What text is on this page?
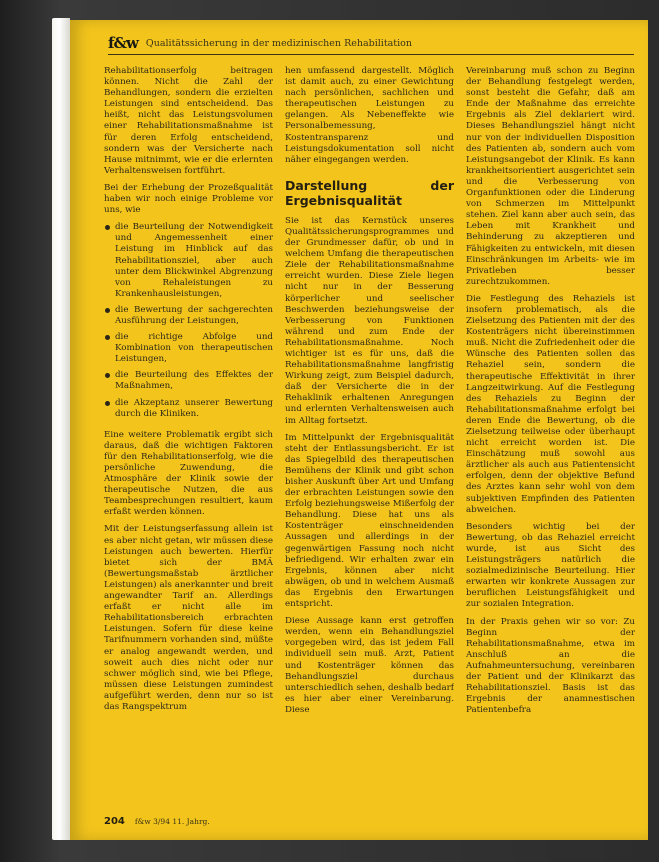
f&w Qualitätssicherung in der medizinischen Rehabilitation

Rehabilitationserfolg beitragen können. Nicht die Zahl der Behandlungen, sondern die erzielten Leistungen sind entscheidend. Das heißt, nicht das Leistungsvolumen einer Rehabilitationsmaßnahme ist für deren Erfolg entscheidend, sondern was der Versicherte nach Hause mitnimmt, wie er die erlernten Verhaltensweisen fortführt.

Bei der Erhebung der Prozeßqualität haben wir noch einige Probleme vor uns, wie

die Beurteilung der Notwendigkeit und Angemessenheit einer Leistung im Hinblick auf das Rehabilitationsziel, aber auch unter dem Blickwinkel Abgrenzung von Rehaleistungen zu Krankenhausleistungen,
die Bewertung der sachgerechten Ausführung der Leistungen,
die richtige Abfolge und Kombination von therapeutischen Leistungen,
die Beurteilung des Effektes der Maßnahmen,
die Akzeptanz unserer Bewertung durch die Kliniken.

Eine weitere Problematik ergibt sich daraus, daß die wichtigen Faktoren für den Rehabilitationserfolg, wie die persönliche Zuwendung, die Atmosphäre der Klinik sowie der therapeutische Nutzen, die aus Teambesprechungen resultiert, kaum erfaßt werden können.

Mit der Leistungserfassung allein ist es aber nicht getan, wir müssen diese Leistungen auch bewerten. Hierfür bietet sich der BMÄ (Bewertungsmaßstab ärztlicher Leistungen) als anerkannter und breit angewandter Tarif an. Allerdings erfaßt er nicht alle im Rehabilitationsbereich erbrachten Leistungen. Sofern für diese keine Tarifnummern vorhanden sind, müßte er analog angewandt werden, und soweit auch dies nicht oder nur schwer möglich sind, wie bei Pflege, müssen diese Leistungen zumindest aufgeführt werden, denn nur so ist das Rangspektrum

hen umfassend dargestellt. Möglich ist damit auch, zu einer Gewichtung nach persönlichen, sachlichen und therapeutischen Leistungen zu gelangen. Als Nebeneffekte wie Personalbemessung, Kostentransparenz und Leistungsdokumentation soll nicht näher eingegangen werden.

Darstellung der Ergebnisqualität

Sie ist das Kernstück unseres Qualitätssicherungsprogrammes und der Grundmesser dafür, ob und in welchem Umfang die therapeutischen Ziele der Rehabilitationsmaßnahme erreicht wurden. Diese Ziele liegen nicht nur in der Besserung körperlicher und seelischer Beschwerden beziehungsweise der Verbesserung von Funktionen während und zum Ende der Rehabilitationsmaßnahme. Noch wichtiger ist es für uns, daß die Rehabilitationsmaßnahme langfristig Wirkung zeigt, zum Beispiel dadurch, daß der Versicherte die in der Rehaklinik erhaltenen Anregungen und erlernten Verhaltensweisen auch im Alltag fortsetzt.

Im Mittelpunkt der Ergebnisqualität steht der Entlassungsbericht. Er ist das Spiegelbild des therapeutischen Bemühens der Klinik und gibt schon bisher Auskunft über Art und Umfang der erbrachten Leistungen sowie den Erfolg beziehungsweise Mißerfolg der Behandlung. Diese hat uns als Kostenträger einschneidenden Aussagen und allerdings in der gegenwärtigen Fassung noch nicht befriedigend. Wir erhalten zwar ein Ergebnis, können aber nicht abwägen, ob und in welchem Ausmaß das Ergebnis den Erwartungen entspricht.

Diese Aussage kann erst getroffen werden, wenn ein Behandlungsziel vorgegeben wird, das ist jedem Fall individuell sein muß. Arzt, Patient und Kostenträger können das Behandlungsziel durchaus unterschiedlich sehen, deshalb bedarf es hier aber einer Vereinbarung. Diese

Vereinbarung muß schon zu Beginn der Behandlung festgelegt werden, sonst besteht die Gefahr, daß am Ende der Maßnahme das erreichte Ergebnis als Ziel deklariert wird. Dieses Behandlungsziel hängt nicht nur von der individuellen Disposition des Patienten ab, sondern auch vom Leistungsangebot der Klinik. Es kann krankheitsorientiert ausgerichtet sein und die Verbesserung von Organfunktionen oder die Linderung von Schmerzen im Mittelpunkt stehen. Ziel kann aber auch sein, das Leben mit Krankheit und Behinderung zu akzeptieren und Fähigkeiten zu entwickeln, mit diesen Einschränkungen im Arbeits- wie im Privatleben besser zurechtzukommen.

Die Festlegung des Rehaziels ist insofern problematisch, als die Zielsetzung des Patienten mit der des Kostenträgers nicht übereinstimmen muß. Nicht die Zufriedenheit oder die Wünsche des Patienten sollen das Rehaziel sein, sondern die therapeutische Effektivität in ihrer Langzeitwirkung. Auf die Festlegung des Rehaziels zu Beginn der Rehabilitationsmaßnahme erfolgt bei deren Ende die Bewertung, ob die Zielsetzung teilweise oder überhaupt nicht erreicht worden ist. Die Einschätzung muß sowohl aus ärztlicher als auch aus Patientensicht erfolgen, denn der objektive Befund des Arztes kann sehr wohl von dem subjektiven Empfinden des Patienten abweichen.

Besonders wichtig bei der Bewertung, ob das Rehaziel erreicht wurde, ist aus Sicht des Leistungsträgers natürlich die sozialmedizinische Beurteilung. Hier erwarten wir konkrete Aussagen zur beruflichen Leistungsfähigkeit und zur sozialen Integration.

In der Praxis gehen wir so vor: Zu Beginn der Rehabilitationsmaßnahme, etwa im Anschluß an die Aufnahmeuntersuchung, vereinbaren der Patient und der Klinikarzt das Rehabilitationsziel. Basis ist das Ergebnis der anamnestischen Patientenbefra

204 f&w 3/94 11. Jahrg.
